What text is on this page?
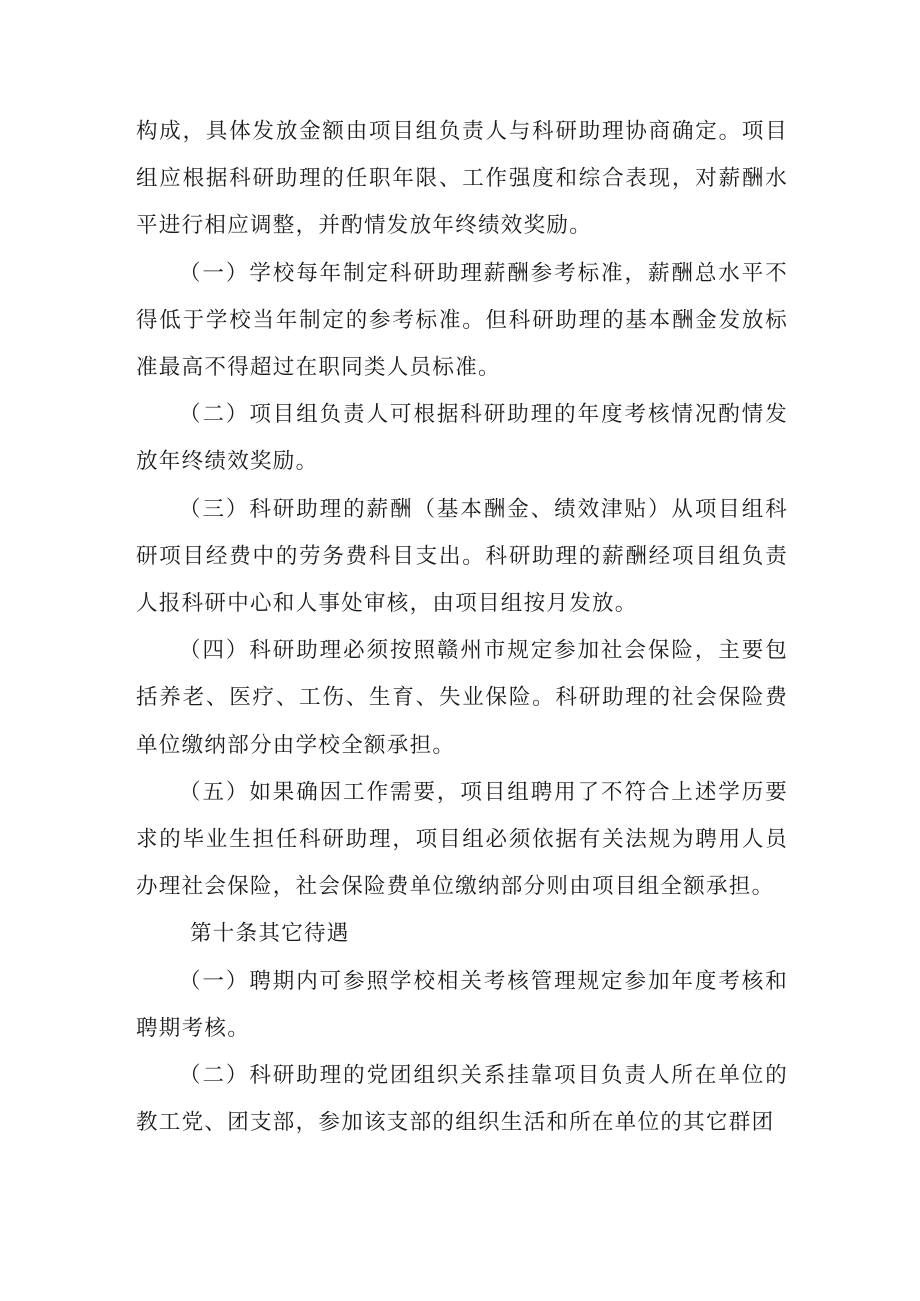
构成，具体发放金额由项目组负责人与科研助理协商确定。项目组应根据科研助理的任职年限、工作强度和综合表现，对薪酬水平进行相应调整，并酌情发放年终绩效奖励。

（一）学校每年制定科研助理薪酬参考标准，薪酬总水平不得低于学校当年制定的参考标准。但科研助理的基本酬金发放标准最高不得超过在职同类人员标准。

（二）项目组负责人可根据科研助理的年度考核情况酌情发放年终绩效奖励。

（三）科研助理的薪酬（基本酬金、绩效津贴）从项目组科研项目经费中的劳务费科目支出。科研助理的薪酬经项目组负责人报科研中心和人事处审核，由项目组按月发放。

（四）科研助理必须按照赣州市规定参加社会保险，主要包括养老、医疗、工伤、生育、失业保险。科研助理的社会保险费单位缴纳部分由学校全额承担。

（五）如果确因工作需要，项目组聘用了不符合上述学历要求的毕业生担任科研助理，项目组必须依据有关法规为聘用人员办理社会保险，社会保险费单位缴纳部分则由项目组全额承担。

第十条其它待遇

（一）聘期内可参照学校相关考核管理规定参加年度考核和聘期考核。

（二）科研助理的党团组织关系挂靠项目负责人所在单位的教工党、团支部，参加该支部的组织生活和所在单位的其它群团
